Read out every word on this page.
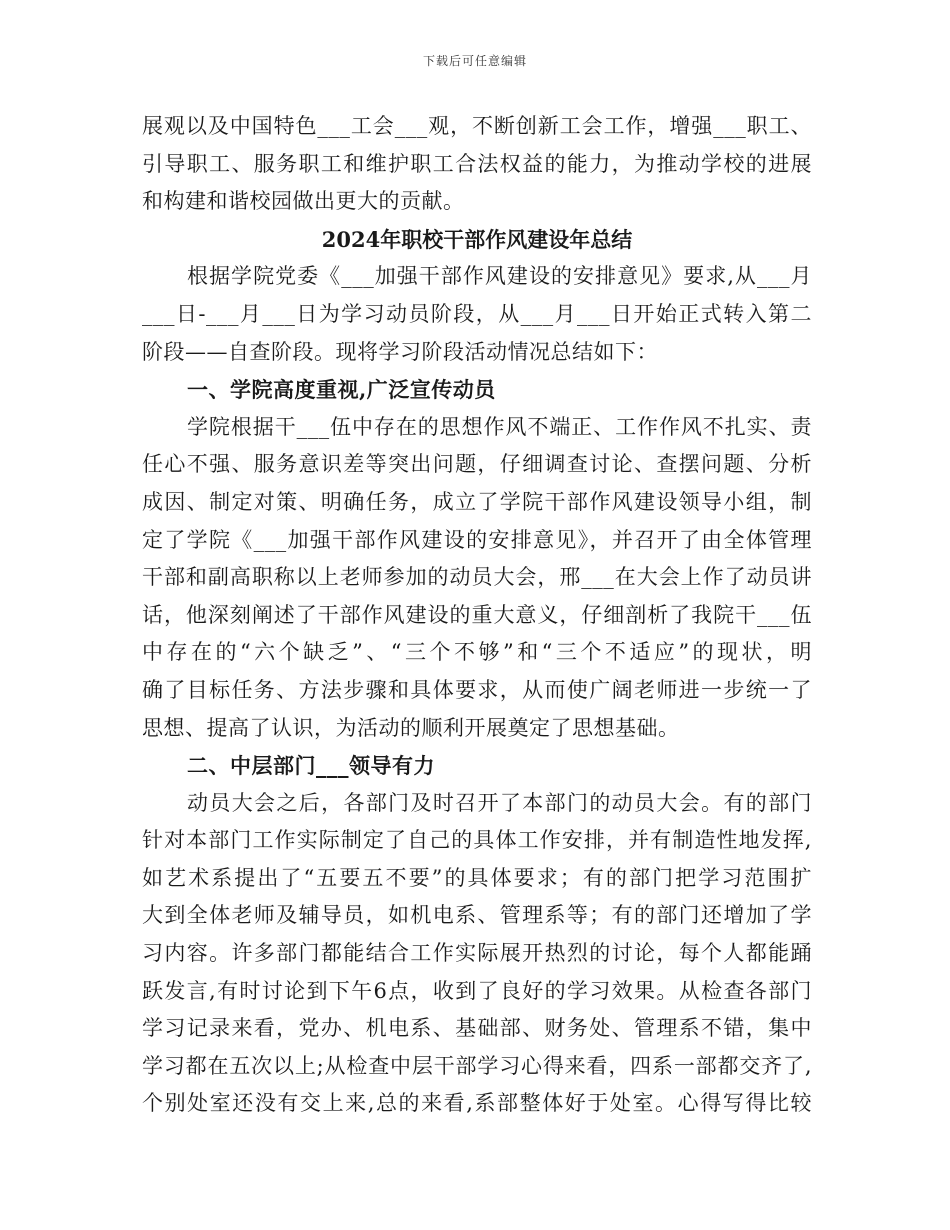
下载后可任意编辑
展观以及中国特色___工会___观，不断创新工会工作，增强___职工、
引导职工、服务职工和维护职工合法权益的能力，为推动学校的进展
和构建和谐校园做出更大的贡献。
2024年职校干部作风建设年总结
根据学院党委《___加强干部作风建设的安排意见》要求,从___月
___日-___月___日为学习动员阶段，从___月___日开始正式转入第二
阶段——自查阶段。现将学习阶段活动情况总结如下：
一、学院高度重视,广泛宣传动员
学院根据干___伍中存在的思想作风不端正、工作作风不扎实、责
任心不强、服务意识差等突出问题，仔细调查讨论、查摆问题、分析
成因、制定对策、明确任务，成立了学院干部作风建设领导小组，制
定了学院《___加强干部作风建设的安排意见》，并召开了由全体管理
干部和副高职称以上老师参加的动员大会，邢___在大会上作了动员讲
话，他深刻阐述了干部作风建设的重大意义，仔细剖析了我院干___伍
中存在的“六个缺乏”、“三个不够”和“三个不适应”的现状，明
确了目标任务、方法步骤和具体要求，从而使广阔老师进一步统一了
思想、提高了认识，为活动的顺利开展奠定了思想基础。
二、中层部门___领导有力
动员大会之后，各部门及时召开了本部门的动员大会。有的部门
针对本部门工作实际制定了自己的具体工作安排，并有制造性地发挥,
如艺术系提出了“五要五不要”的具体要求；有的部门把学习范围扩
大到全体老师及辅导员，如机电系、管理系等；有的部门还增加了学
习内容。许多部门都能结合工作实际展开热烈的讨论，每个人都能踊
跃发言,有时讨论到下午6点，收到了良好的学习效果。从检查各部门
学习记录来看，党办、机电系、基础部、财务处、管理系不错，集中
学习都在五次以上;从检查中层干部学习心得来看，四系一部都交齐了,
个别处室还没有交上来,总的来看,系部整体好于处室。心得写得比较
